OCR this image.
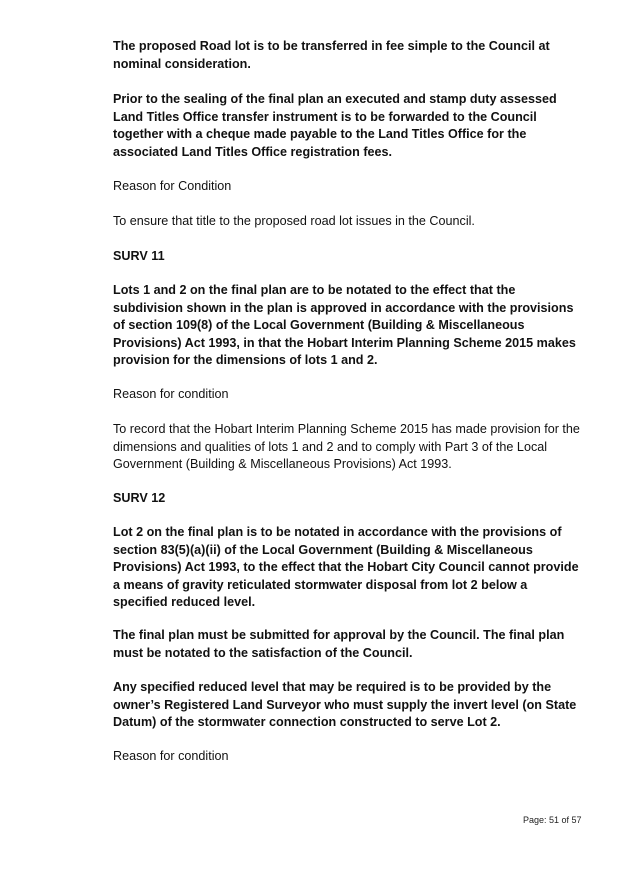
The proposed Road lot is to be transferred in fee simple to the Council at nominal consideration.

Prior to the sealing of the final plan an executed and stamp duty assessed Land Titles Office transfer instrument is to be forwarded to the Council together with a cheque made payable to the Land Titles Office for the associated Land Titles Office registration fees.

Reason for Condition

To ensure that title to the proposed road lot issues in the Council.

SURV 11

Lots 1 and 2 on the final plan are to be notated to the effect that the subdivision shown in the plan is approved in accordance with the provisions of section 109(8) of the Local Government (Building & Miscellaneous Provisions) Act 1993, in that the Hobart Interim Planning Scheme 2015 makes provision for the dimensions of lots 1 and 2.

Reason for condition

To record that the Hobart Interim Planning Scheme 2015 has made provision for the dimensions and qualities of lots 1 and 2 and to comply with Part 3 of the Local Government (Building & Miscellaneous Provisions) Act 1993.

SURV 12

Lot 2 on the final plan is to be notated in accordance with the provisions of section 83(5)(a)(ii) of the Local Government (Building & Miscellaneous Provisions) Act 1993, to the effect that the Hobart City Council cannot provide a means of gravity reticulated stormwater disposal from lot 2 below a specified reduced level.

The final plan must be submitted for approval by the Council. The final plan must be notated to the satisfaction of the Council.

Any specified reduced level that may be required is to be provided by the owner’s Registered Land Surveyor who must supply the invert level (on State Datum) of the stormwater connection constructed to serve Lot 2.

Reason for condition

Page: 51 of 57
